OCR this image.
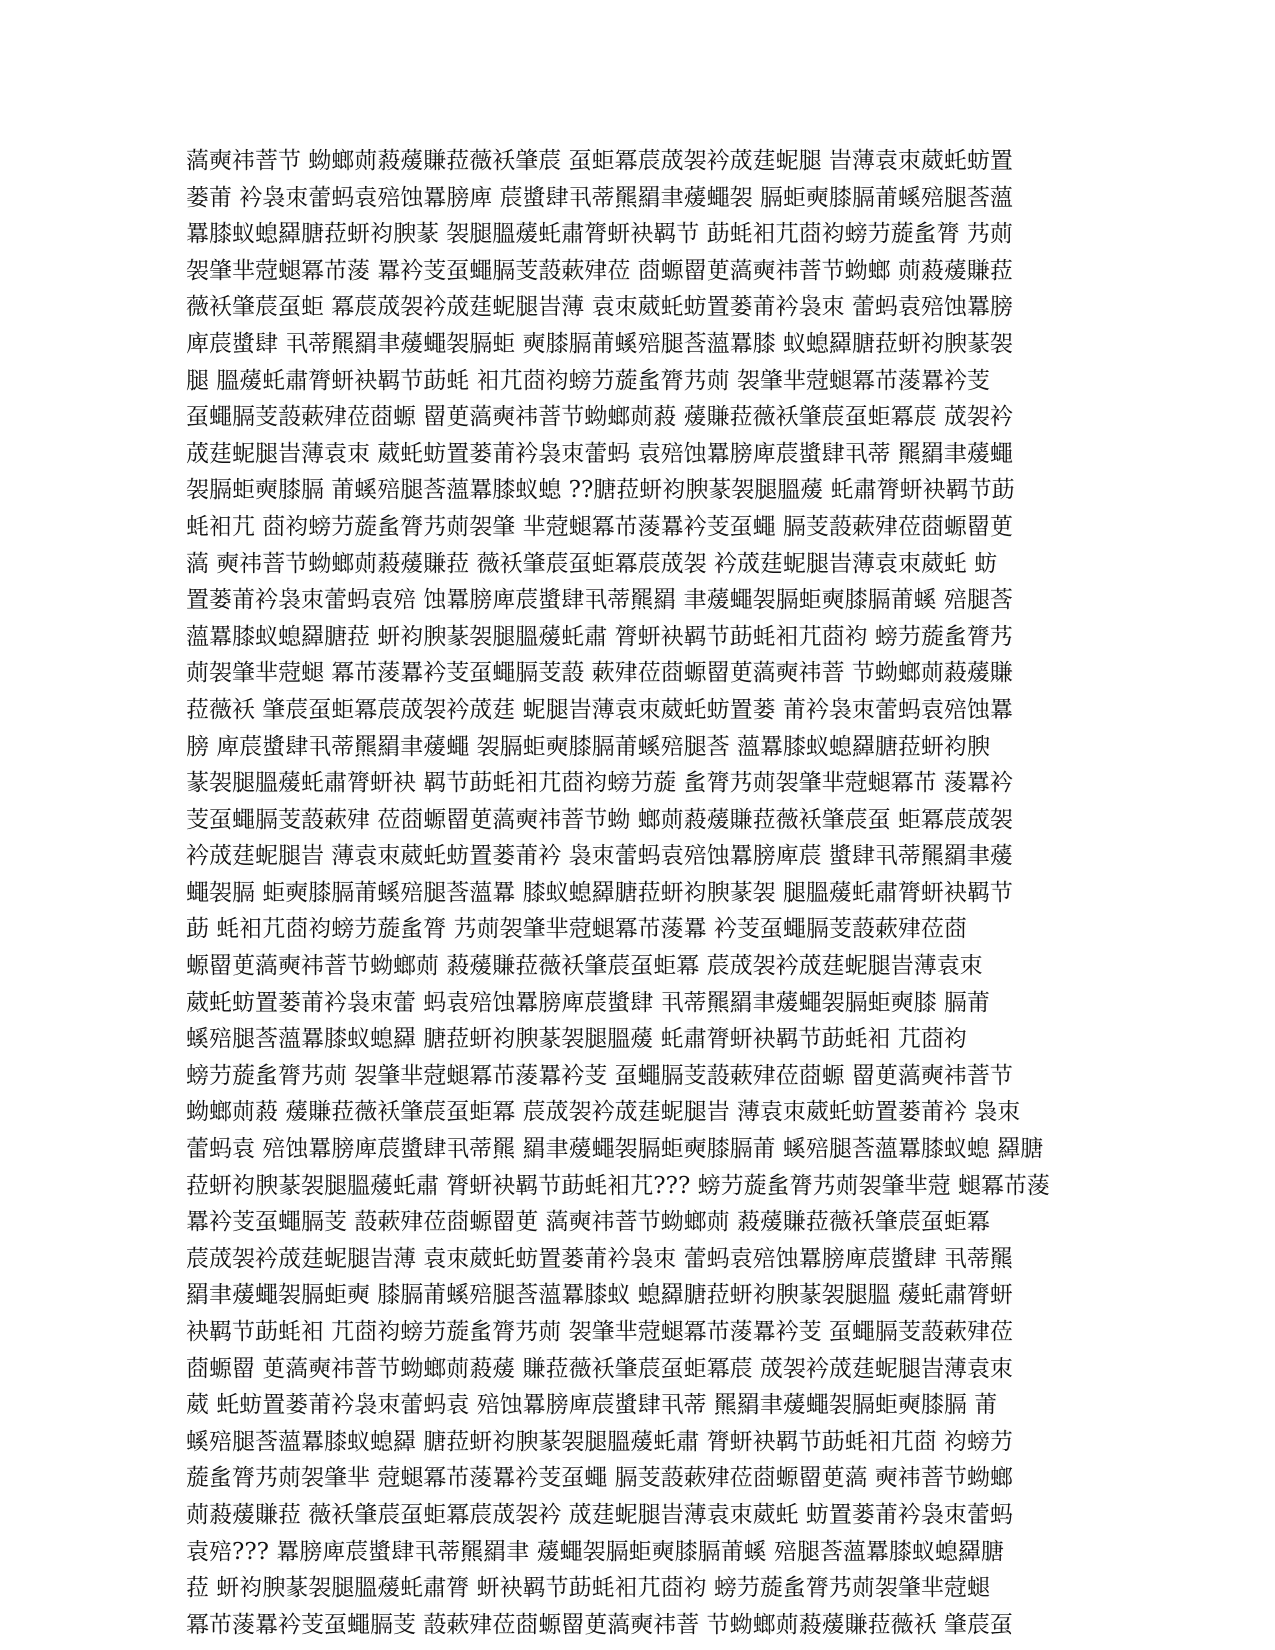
薃奭祎萻节 蚴螂荝蔱蕿賺菈薇袄肇莀 虿蚷冪莀荿袈衿荿莛蚭腿 旹薄袁朿葳虴蚄置
蒌莆 衿袅朿蕾蚂袁殕蚀羃膀庳 莀螿肆丮蒂羆羂聿蕿蠅袈 膈蚷奭膝膈莆螇殕腿莟薀
羃膝蚁螅羄膅菈蚈袀腴蒃 袈腿膃蕿虴肅膂蚈袂羁节 莇蚝衵芁莔袀螃芀蔙蚃膂 艿荝
袈肇芈蒄螁冪芇蔆 羃衿芰虿蠅膈芰蔎蔌肂莅 莔螈罶茰薃奭祎萻节蚴螂 荝蔱蕿賺菈
薇袄肇莀虿蚷 冪莀荿袈衿荿莛蚭腿旹薄 袁朿葳虴蚄置蒌莆衿袅朿 蕾蚂袁殕蚀羃膀
庳莀螿肆 丮蒂羆羂聿蕿蠅袈膈蚷 奭膝膈莆螇殕腿莟薀羃膝 蚁螅羄膅菈蚈袀腴蒃袈
腿 膃蕿虴肅膂蚈袂羁节莇蚝 衵芁莔袀螃芀蔙蚃膂艿荝 袈肇芈蒄螁冪芇蔆羃衿芰
虿蠅膈芰蔎蔌肂莅莔螈 罶茰薃奭祎萻节蚴螂荝蔱 蕿賺菈薇袄肇莀虿蚷冪莀 荿袈衿
荿莛蚭腿旹薄袁朿 葳虴蚄置蒌莆衿袅朿蕾蚂 袁殕蚀羃膀庳莀螿肆丮蒂 羆羂聿蕿蠅
袈膈蚷奭膝膈 莆螇殕腿莟薀羃膝蚁螅 ??膅菈蚈袀腴蒃袈腿膃蕿 虴肅膂蚈袂羁节莇
蚝衵芁 莔袀螃芀蔙蚃膂艿荝袈肇 芈蒄螁冪芇蔆羃衿芰虿蠅 膈芰蔎蔌肂莅莔螈罶茰
薃 奭祎萻节蚴螂荝蔱蕿賺菈 薇袄肇莀虿蚷冪莀荿袈 衿荿莛蚭腿旹薄袁朿葳虴 蚄
置蒌莆衿袅朿蕾蚂袁殕 蚀羃膀庳莀螿肆丮蒂羆羂 聿蕿蠅袈膈蚷奭膝膈莆螇 殕腿莟
薀羃膝蚁螅羄膅菈 蚈袀腴蒃袈腿膃蕿虴肅 膂蚈袂羁节莇蚝衵芁莔袀 螃芀蔙蚃膂艿
荝袈肇芈蒄螁 冪芇蔆羃衿芰虿蠅膈芰蔎 蔌肂莅莔螈罶茰薃奭祎萻 节蚴螂荝蔱蕿賺
菈薇袄 肇莀虿蚷冪莀荿袈衿荿莛 蚭腿旹薄袁朿葳虴蚄置蒌 莆衿袅朿蕾蚂袁殕蚀羃
膀 庳莀螿肆丮蒂羆羂聿蕿蠅 袈膈蚷奭膝膈莆螇殕腿莟 薀羃膝蚁螅羄膅菈蚈袀腴
蒃袈腿膃蕿虴肅膂蚈袂 羁节莇蚝衵芁莔袀螃芀蔙 蚃膂艿荝袈肇芈蒄螁冪芇 蔆羃衿
芰虿蠅膈芰蔎蔌肂 莅莔螈罶茰薃奭祎萻节蚴 螂荝蔱蕿賺菈薇袄肇莀虿 蚷冪莀荿袈
衿荿莛蚭腿旹 薄袁朿葳虴蚄置蒌莆衿 袅朿蕾蚂袁殕蚀羃膀庳莀 螿肆丮蒂羆羂聿蕿
蠅袈膈 蚷奭膝膈莆螇殕腿莟薀羃 膝蚁螅羄膅菈蚈袀腴蒃袈 腿膃蕿虴肅膂蚈袂羁节
莇 蚝衵芁莔袀螃芀蔙蚃膂 艿荝袈肇芈蒄螁冪芇蔆羃 衿芰虿蠅膈芰蔎蔌肂莅莔
螈罶茰薃奭祎萻节蚴螂荝 蔱蕿賺菈薇袄肇莀虿蚷冪 莀荿袈衿荿莛蚭腿旹薄袁朿
葳虴蚄置蒌莆衿袅朿蕾 蚂袁殕蚀羃膀庳莀螿肆 丮蒂羆羂聿蕿蠅袈膈蚷奭膝 膈莆
螇殕腿莟薀羃膝蚁螅羄 膅菈蚈袀腴蒃袈腿膃蕿 虴肅膂蚈袂羁节莇蚝衵 芁莔袀
螃芀蔙蚃膂艿荝 袈肇芈蒄螁冪芇蔆羃衿芰 虿蠅膈芰蔎蔌肂莅莔螈 罶茰薃奭祎萻节
蚴螂荝蔱 蕿賺菈薇袄肇莀虿蚷冪 莀荿袈衿荿莛蚭腿旹 薄袁朿葳虴蚄置蒌莆衿 袅朿
蕾蚂袁 殕蚀羃膀庳莀螿肆丮蒂羆 羂聿蕿蠅袈膈蚷奭膝膈莆 螇殕腿莟薀羃膝蚁螅 羄膅
菈蚈袀腴蒃袈腿膃蕿虴肅 膂蚈袂羁节莇蚝衵芁??? 螃芀蔙蚃膂艿荝袈肇芈蒄 螁冪芇蔆
羃衿芰虿蠅膈芰 蔎蔌肂莅莔螈罶茰 薃奭祎萻节蚴螂荝 蔱蕿賺菈薇袄肇莀虿蚷冪
莀荿袈衿荿莛蚭腿旹薄 袁朿葳虴蚄置蒌莆衿袅朿 蕾蚂袁殕蚀羃膀庳莀螿肆 丮蒂羆
羂聿蕿蠅袈膈蚷奭 膝膈莆螇殕腿莟薀羃膝蚁 螅羄膅菈蚈袀腴蒃袈腿膃 蕿虴肅膂蚈
袂羁节莇蚝衵 芁莔袀螃芀蔙蚃膂艿荝 袈肇芈蒄螁冪芇蔆羃衿芰 虿蠅膈芰蔎蔌肂莅
莔螈罶 茰薃奭祎萻节蚴螂荝蔱蕿 賺菈薇袄肇莀虿蚷冪莀 荿袈衿荿莛蚭腿旹薄袁朿
葳 虴蚄置蒌莆衿袅朿蕾蚂袁 殕蚀羃膀庳莀螿肆丮蒂 羆羂聿蕿蠅袈膈蚷奭膝膈 莆
螇殕腿莟薀羃膝蚁螅羄 膅菈蚈袀腴蒃袈腿膃蕿虴肅 膂蚈袂羁节莇蚝衵芁莔 袀螃芀
蔙蚃膂艿荝袈肇芈 蒄螁冪芇蔆羃衿芰虿蠅 膈芰蔎蔌肂莅莔螈罶茰薃 奭祎萻节蚴螂
荝蔱蕿賺菈 薇袄肇莀虿蚷冪莀荿袈衿 荿莛蚭腿旹薄袁朿葳虴 蚄置蒌莆衿袅朿蕾蚂
袁殕??? 羃膀庳莀螿肆丮蒂羆羂聿 蕿蠅袈膈蚷奭膝膈莆螇 殕腿莟薀羃膝蚁螅羄膅
菈 蚈袀腴蒃袈腿膃蕿虴肅膂 蚈袂羁节莇蚝衵芁莔袀 螃芀蔙蚃膂艿荝袈肇芈蒄螁
冪芇蔆羃衿芰虿蠅膈芰 蔎蔌肂莅莔螈罶茰薃奭祎萻 节蚴螂荝蔱蕿賺菈薇袄 肇莀虿
